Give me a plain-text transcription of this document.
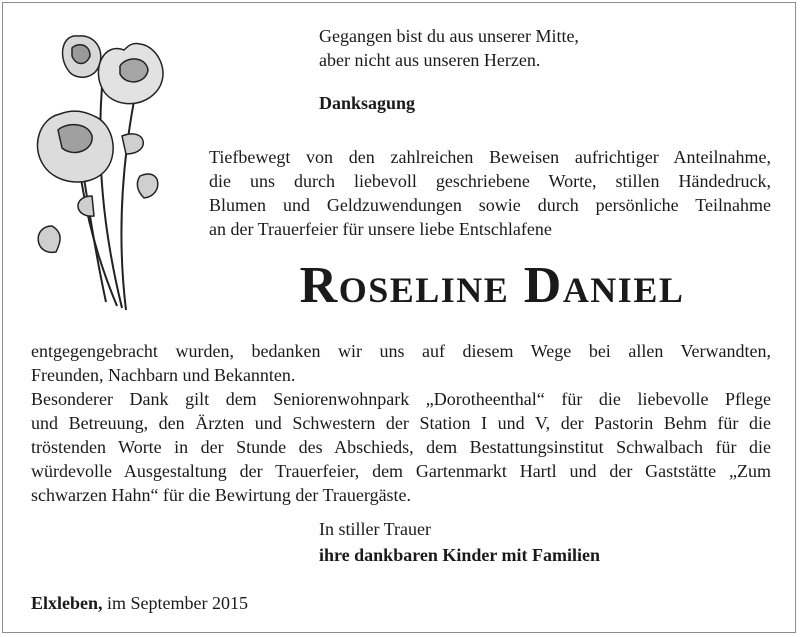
Gegangen bist du aus unserer Mitte,
aber nicht aus unseren Herzen.
Danksagung
Tiefbewegt von den zahlreichen Beweisen aufrichtiger Anteilnahme,
die uns durch liebevoll geschriebene Worte, stillen Händedruck,
Blumen und Geldzuwendungen sowie durch persönliche Teilnahme
an der Trauerfeier für unsere liebe Entschlafene
Roseline Daniel
entgegengebracht wurden, bedanken wir uns auf diesem Wege bei allen Verwandten,
Freunden, Nachbarn und Bekannten.
Besonderer Dank gilt dem Seniorenwohnpark „Dorotheenthal“ für die liebevolle Pflege
und Betreuung, den Ärzten und Schwestern der Station I und V, der Pastorin Behm für die
tröstenden Worte in der Stunde des Abschieds, dem Bestattungsinstitut Schwalbach für die
würdevolle Ausgestaltung der Trauerfeier, dem Gartenmarkt Hartl und der Gaststätte „Zum
schwarzen Hahn“ für die Bewirtung der Trauergäste.
In stiller Trauer
ihre dankbaren Kinder mit Familien
Elxleben, im September 2015
